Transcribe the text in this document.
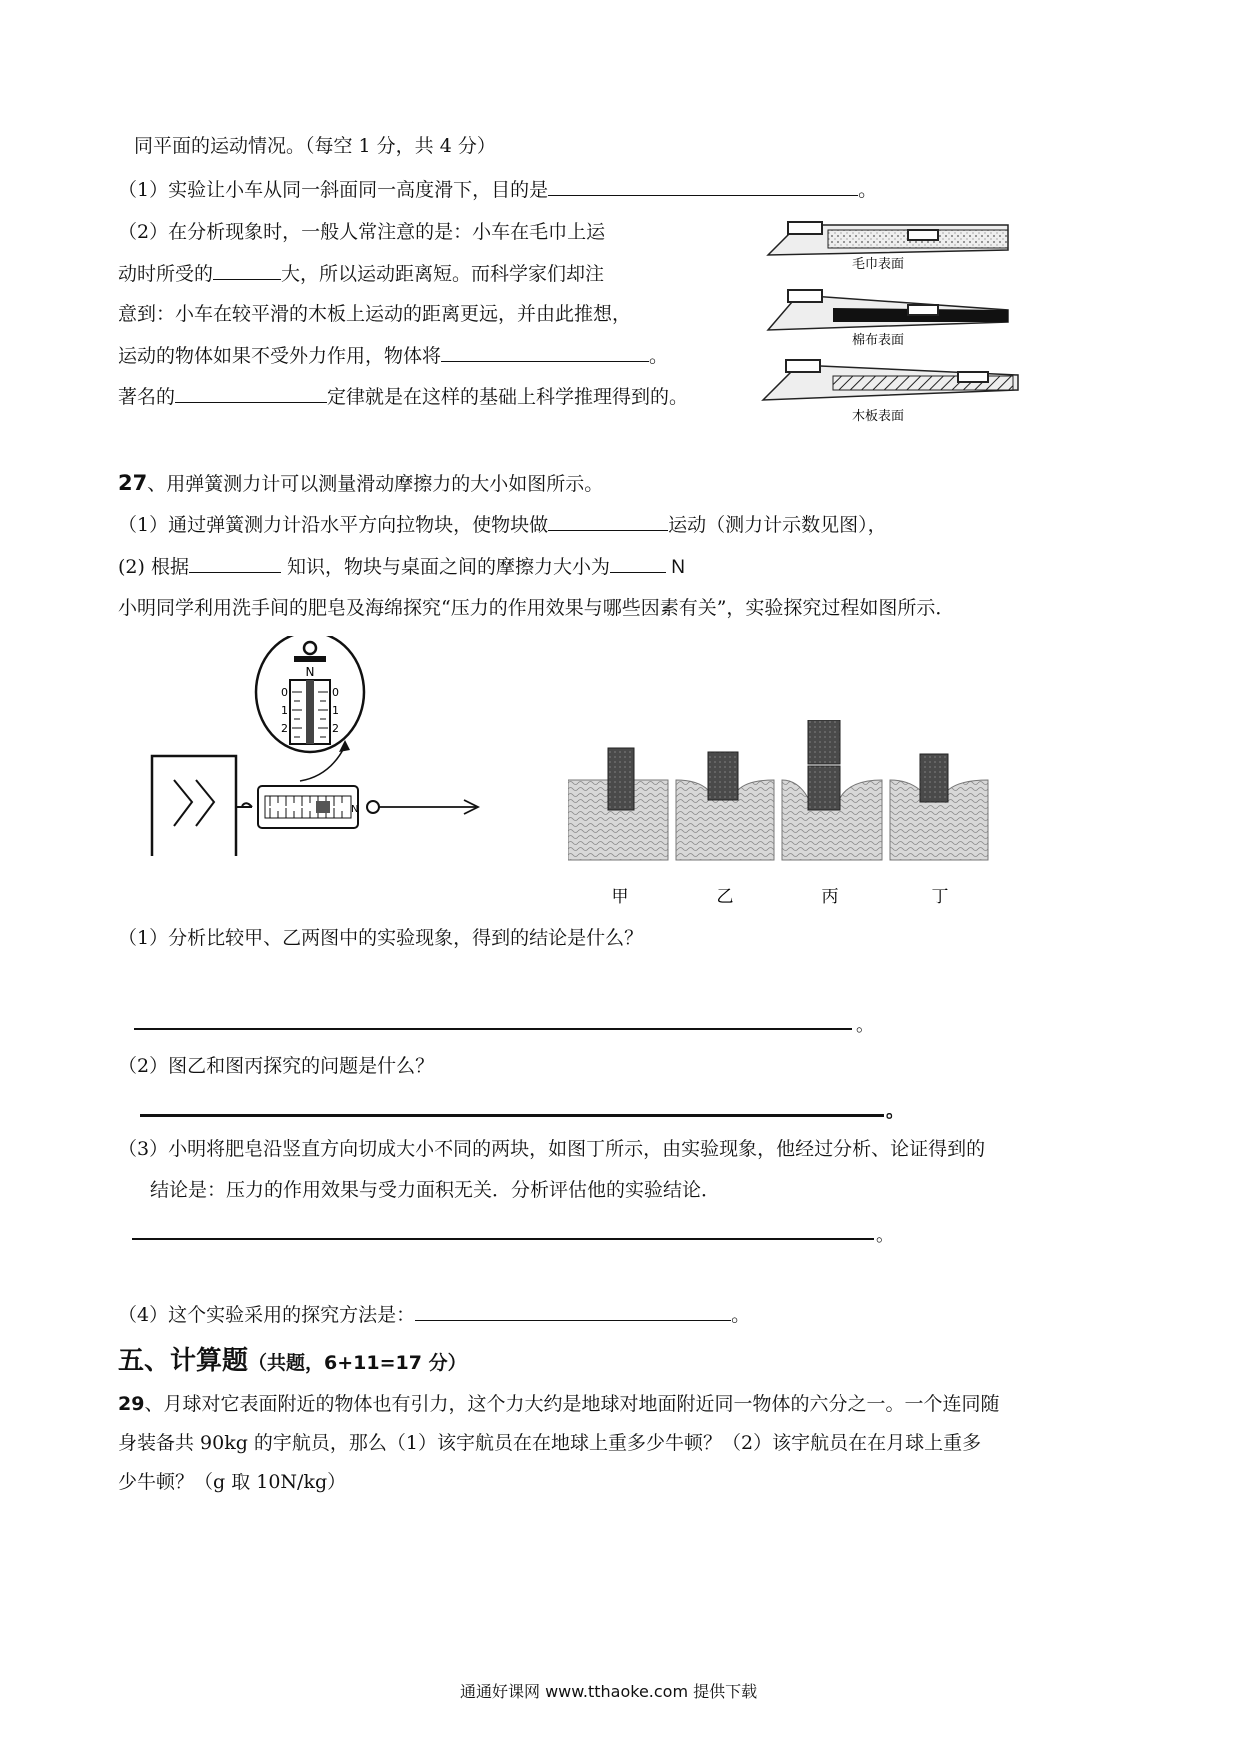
同平面的运动情况。（每空 1 分，共 4 分）
（1）实验让小车从同一斜面同一高度滑下，目的是	。
（2）在分析现象时，一般人常注意的是：小车在毛巾上运
动时所受的	大，所以运动距离短。而科学家们却注
意到：小车在较平滑的木板上运动的距离更远，并由此推想，
运动的物体如果不受外力作用，物体将	。
著名的	定律就是在这样的基础上科学推理得到的。
毛巾表面
棉布表面
木板表面
27、用弹簧测力计可以测量滑动摩擦力的大小如图所示。
（1）通过弹簧测力计沿水平方向拉物块，使物块做	运动（测力计示数见图），
(2) 根据	知识，物块与桌面之间的摩擦力大小为	N
小明同学利用洗手间的肥皂及海绵探究“压力的作用效果与哪些因素有关”，实验探究过程如图所示．
N
0
1
2
0
1
2
N
甲	乙	丙	丁
（1）分析比较甲、乙两图中的实验现象，得到的结论是什么？
。
（2）图乙和图丙探究的问题是什么？
。
（3）小明将肥皂沿竖直方向切成大小不同的两块，如图丁所示，由实验现象，他经过分析、论证得到的
结论是：压力的作用效果与受力面积无关．分析评估他的实验结论．
。
（4）这个实验采用的探究方法是：	。
五、计算题（共题，6+11=17 分）
29、月球对它表面附近的物体也有引力，这个力大约是地球对地面附近同一物体的六分之一。一个连同随
身装备共 90kg 的宇航员，那么（1）该宇航员在在地球上重多少牛顿？（2）该宇航员在在月球上重多
少牛顿？（g 取 10N/kg）
通通好课网 www.tthaoke.com 提供下载
